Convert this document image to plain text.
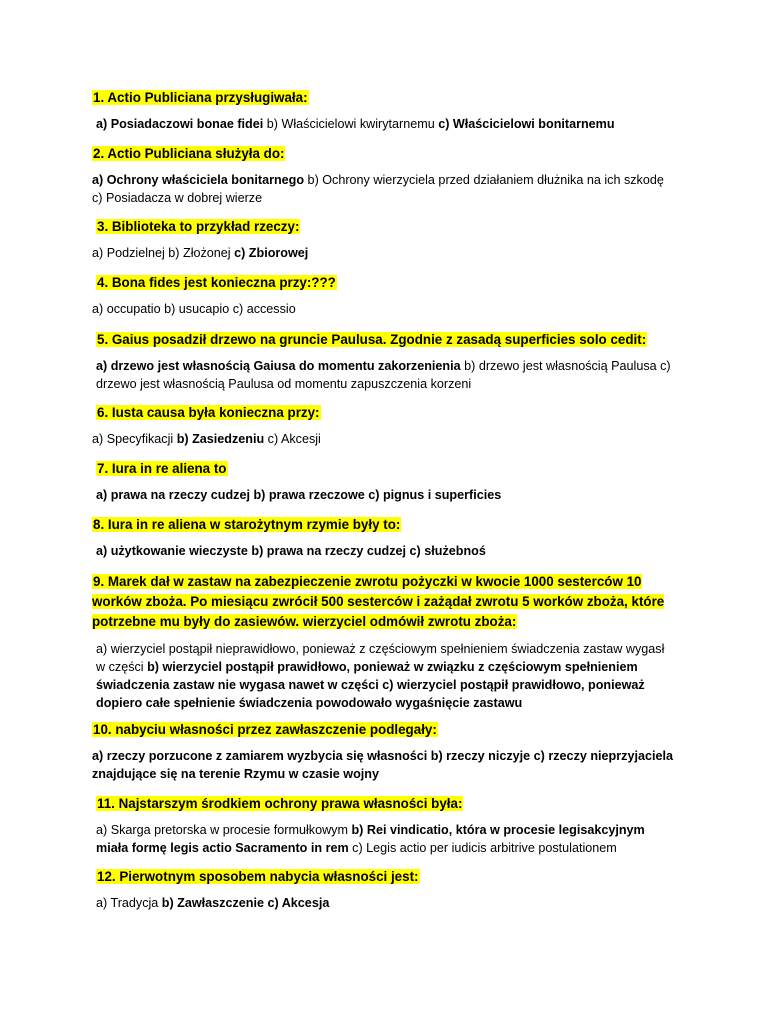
1. Actio Publiciana przysługiwała:

a) Posiadaczowi bonae fidei b) Właścicielowi kwirytarnemu c) Właścicielowi bonitarnemu

2. Actio Publiciana służyła do:

a) Ochrony właściciela bonitarnego b) Ochrony wierzyciela przed działaniem dłużnika na ich szkodę c) Posiadacza w dobrej wierze

3. Biblioteka to przykład rzeczy:

a) Podzielnej b) Złożonej c) Zbiorowej

4. Bona fides jest konieczna przy:???

a) occupatio b) usucapio c) accessio

5. Gaius posadził drzewo na gruncie Paulusa. Zgodnie z zasadą superficies solo cedit:

a) drzewo jest własnością Gaiusa do momentu zakorzenienia b) drzewo jest własnością Paulusa c) drzewo jest własnością Paulusa od momentu zapuszczenia korzeni

6. Iusta causa była konieczna przy:

a) Specyfikacji b) Zasiedzeniu c) Akcesji

7. Iura in re aliena to

a) prawa na rzeczy cudzej b) prawa rzeczowe c) pignus i superficies

8. Iura in re aliena w starożytnym rzymie były to:

a) użytkowanie wieczyste b) prawa na rzeczy cudzej c) służebnoś

9. Marek dał w zastaw na zabezpieczenie zwrotu pożyczki w kwocie 1000 sesterców 10 worków zboża. Po miesiącu zwrócił 500 sesterców i zażądał zwrotu 5 worków zboża, które potrzebne mu były do zasiewów. wierzyciel odmówił zwrotu zboża:

a) wierzyciel postąpił nieprawidłowo, ponieważ z częściowym spełnieniem świadczenia zastaw wygasł w części b) wierzyciel postąpił prawidłowo, ponieważ w związku z częściowym spełnieniem świadczenia zastaw nie wygasa nawet w części c) wierzyciel postąpił prawidłowo, ponieważ dopiero całe spełnienie świadczenia powodowało wygaśnięcie zastawu

10. nabyciu własności przez zawłaszczenie podlegały:

a) rzeczy porzucone z zamiarem wyzbycia się własności b) rzeczy niczyje c) rzeczy nieprzyjaciela znajdujące się na terenie Rzymu w czasie wojny

11. Najstarszym środkiem ochrony prawa własności była:

a) Skarga pretorska w procesie formułkowym b) Rei vindicatio, która w procesie legisakcyjnym miała formę legis actio Sacramento in rem c) Legis actio per iudicis arbitrive postulationem

12. Pierwotnym sposobem nabycia własności jest:

a) Tradycja b) Zawłaszczenie c) Akcesja
